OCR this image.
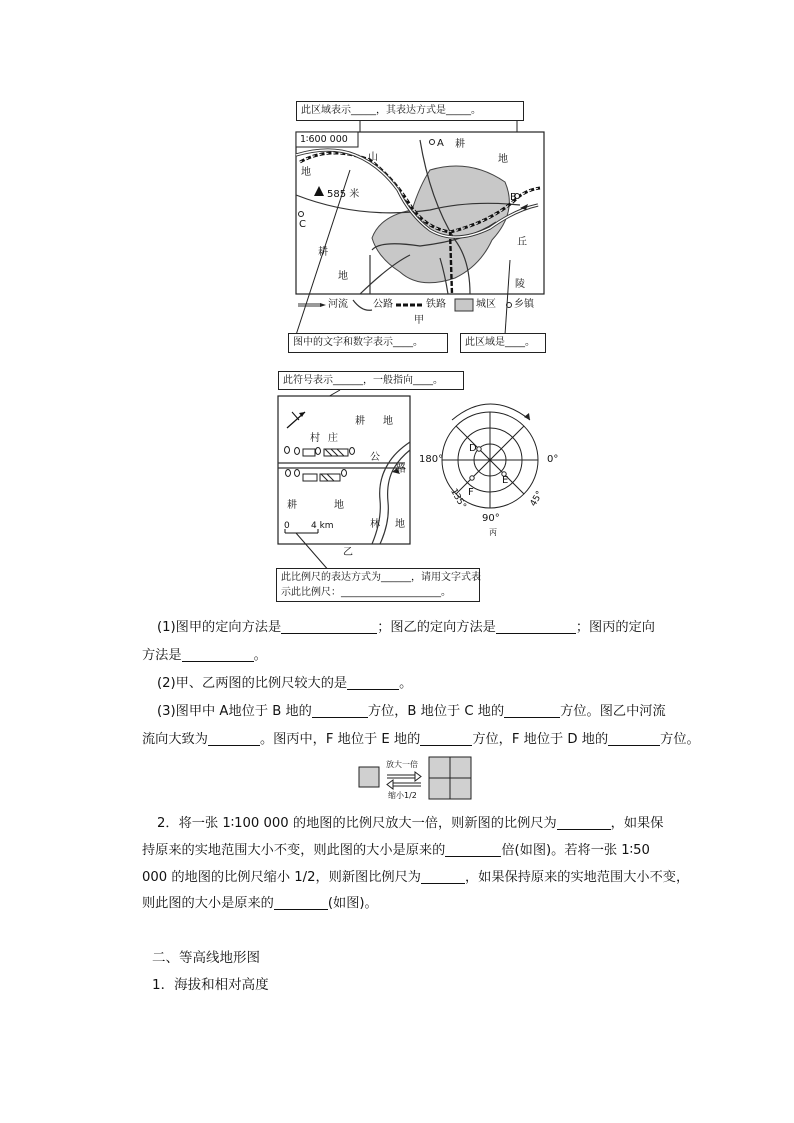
此区域表示_____，其表达方式是_____。
1∶600 000
山
地
耕
地
585 米
A
B
C
耕
地
丘
陵
河流	公路	铁路	城区 乡镇
甲
图中的文字和数字表示____。	此区域是____。
此符号表示______，一般指向____。
耕 地
村 庄
公
路
耕	地
林 地
0 4 km
乙
此比例尺的表达方式为______，请用文字式表
示此比例尺：____________________。
180°	0°
90°
135°	45°
D
E
F
丙
(1)图甲的定向方法是	；图乙的定向方法是	；图丙的定向
方法是	。
(2)甲、乙两图的比例尺较大的是	。
(3)图甲中 A地位于 B 地的	方位，B 地位于 C 地的	方位。图乙中河流
流向大致为	。图丙中，F 地位于 E 地的	方位，F 地位于 D 地的	方位。
放大一倍
缩小1/2
2．将一张 1∶100 000 的地图的比例尺放大一倍，则新图的比例尺为	，如果保
持原来的实地范围大小不变，则此图的大小是原来的	倍(如图)。若将一张 1∶50
000 的地图的比例尺缩小 1/2，则新图比例尺为	，如果保持原来的实地范围大小不变，
则此图的大小是原来的	(如图)。
二、等高线地形图
1．海拔和相对高度
